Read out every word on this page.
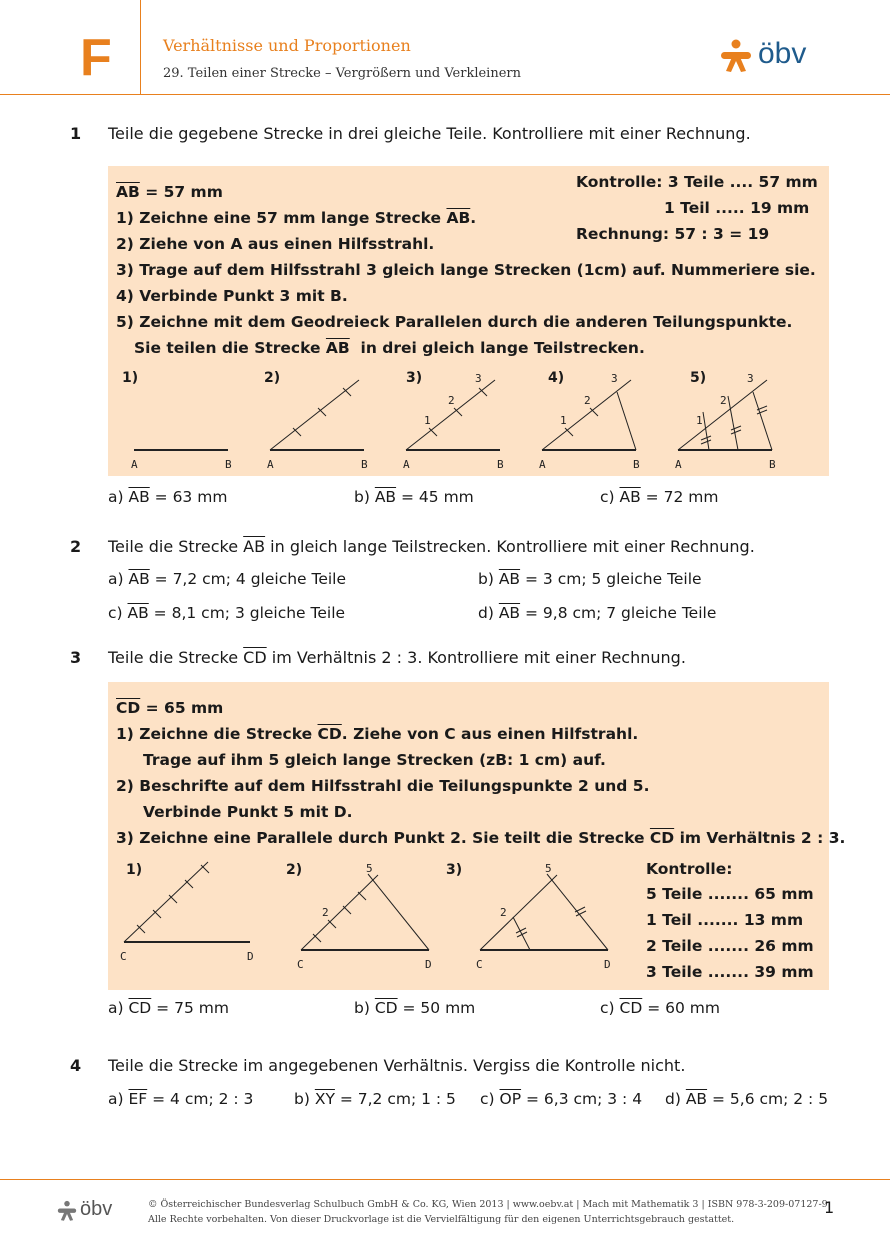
F	Verhältnisse und Proportionen
29. Teilen einer Strecke – Vergrößern und Verkleinern
öbv
1 Teile die gegebene Strecke in drei gleiche Teile. Kontrolliere mit einer Rechnung.
$\overline{AB} = 57$ mm
1) Zeichne eine 57 mm lange Strecke $\overline{AB}$.
2) Ziehe von A aus einen Hilfsstrahl.
3) Trage auf dem Hilfsstrahl 3 gleich lange Strecken (1cm) auf. Nummeriere sie.
4) Verbinde Punkt 3 mit B.
5) Zeichne mit dem Geodreieck Parallelen durch die anderen Teilungspunkte.
Sie teilen die Strecke $\overline{AB}$ in drei gleich lange Teilstrecken.
Kontrolle: 3 Teile .... 57 mm
1 Teil ..... 19 mm
Rechnung: 57 : 3 = 19
1)	2)	3)	4)	5)
A	B	A	B	A	B
1
2
3
A	B
1
2
3
A	B
1
2
3
a) $\overline{AB} = 63$ mm	b) $\overline{AB} = 45$ mm	c) $\overline{AB} = 72$ mm
2 Teile die Strecke $\overline{AB}$ in gleich lange Teilstrecken. Kontrolliere mit einer Rechnung.
a) $\overline{AB} = 7,2$ cm; 4 gleiche Teile	b) $\overline{AB} = 3$ cm; 5 gleiche Teile
c) $\overline{AB} = 8,1$ cm; 3 gleiche Teile	d) $\overline{AB} = 9,8$ cm; 7 gleiche Teile
3 Teile die Strecke $\overline{CD}$ im Verhältnis 2 : 3. Kontrolliere mit einer Rechnung.
$\overline{CD} = 65$ mm
1) Zeichne die Strecke $\overline{CD}$. Ziehe von C aus einen Hilfstrahl.
Trage auf ihm 5 gleich lange Strecken (zB: 1 cm) auf.
2) Beschrifte auf dem Hilfsstrahl die Teilungspunkte 2 und 5.
Verbinde Punkt 5 mit D.
3) Zeichne eine Parallele durch Punkt 2. Sie teilt die Strecke $\overline{CD}$ im Verhältnis 2 : 3.
1)	2)	3)	Kontrolle:
5 Teile ....... 65 mm
1 Teil ....... 13 mm
2 Teile ....... 26 mm
3 Teile ....... 39 mm
C	D
C	D
2
5
C	D
2
5
a) $\overline{CD} = 75$ mm	b) $\overline{CD} = 50$ mm	c) $\overline{CD} = 60$ mm
4 Teile die Strecke im angegebenen Verhältnis. Vergiss die Kontrolle nicht.
a) $\overline{EF} = 4$ cm; 2 : 3	b) $\overline{XY} = 7,2$ cm; 1 : 5 c) $\overline{OP} = 6,3$ cm; 3 : 4 d) $\overline{AB} = 5,6$ cm; 2 : 5
öbv	© Österreichischer Bundesverlag Schulbuch GmbH & Co. KG, Wien 2013 | www.oebv.at | Mach mit Mathematik 3 | ISBN 978-3-209-07127-9
Alle Rechte vorbehalten. Von dieser Druckvorlage ist die Vervielfältigung für den eigenen Unterrichtsgebrauch gestattet.
1
